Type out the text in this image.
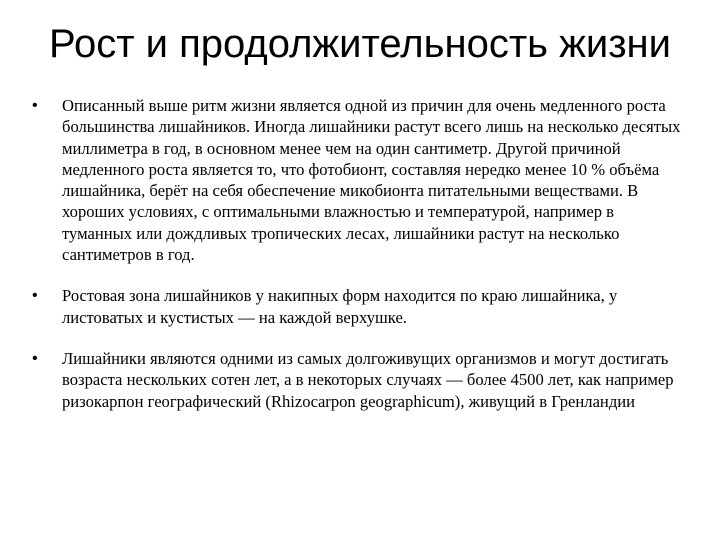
Рост и продолжительность жизни
• Описанный выше ритм жизни является одной из причин для очень медленного роста большинства лишайников. Иногда лишайники растут всего лишь на несколько десятых миллиметра в год, в основном менее чем на один сантиметр. Другой причиной медленного роста является то, что фотобионт, составляя нередко менее 10 % объёма лишайника, берёт на себя обеспечение микобионта питательными веществами. В хороших условиях, с оптимальными влажностью и температурой, например в туманных или дождливых тропических лесах, лишайники растут на несколько сантиметров в год.
• Ростовая зона лишайников у накипных форм находится по краю лишайника, у листоватых и кустистых — на каждой верхушке.
• Лишайники являются одними из самых долгоживущих организмов и могут достигать возраста нескольких сотен лет, а в некоторых случаях — более 4500 лет, как например ризокарпон географический (Rhizocarpon geographicum), живущий в Гренландии
